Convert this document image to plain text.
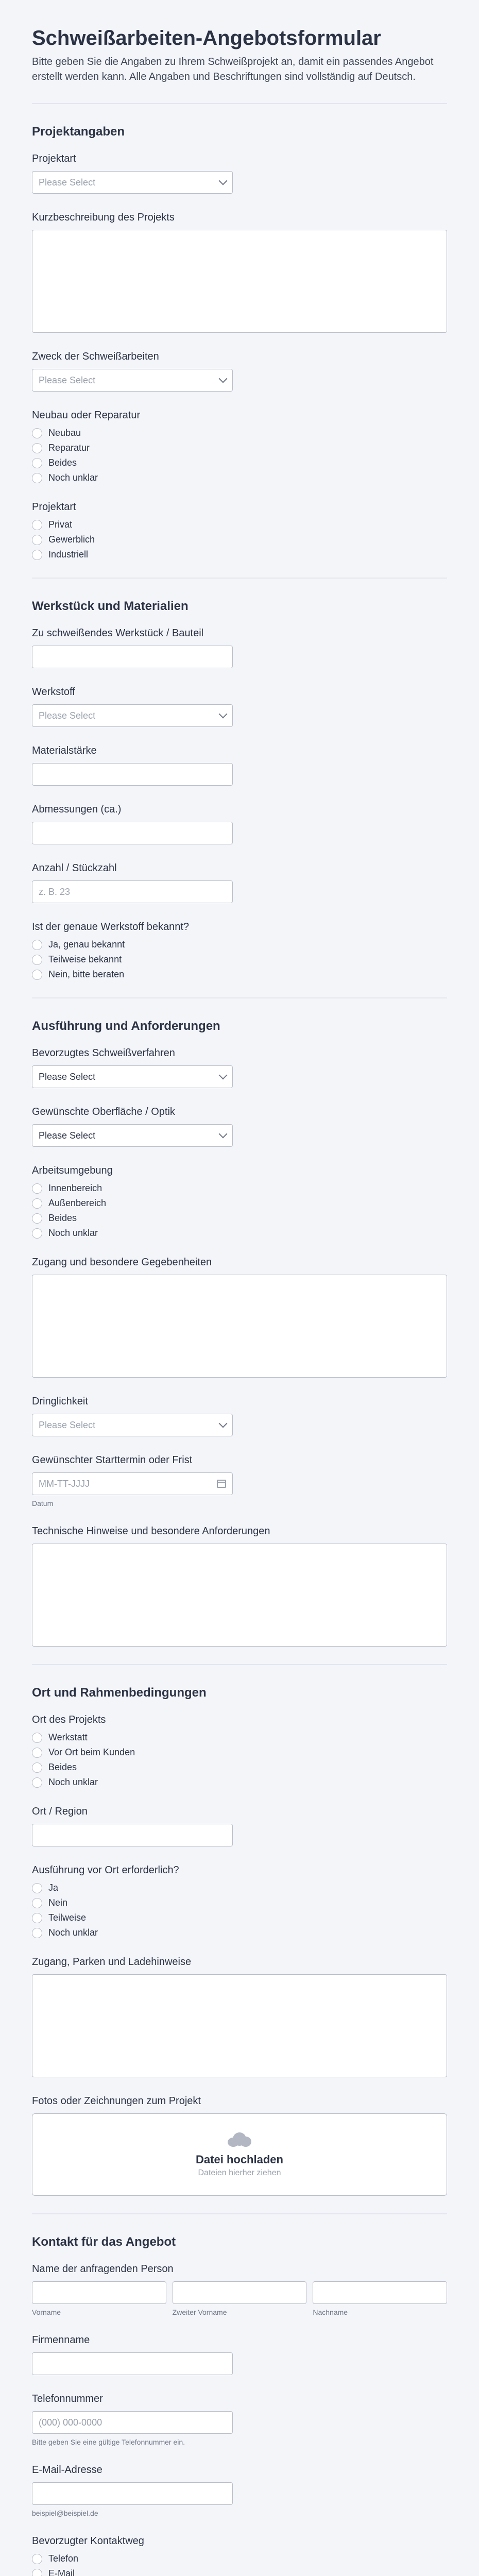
Schweißarbeiten-Angebotsformular

Bitte geben Sie die Angaben zu Ihrem Schweißprojekt an, damit ein passendes Angebot erstellt werden kann. Alle Angaben und Beschriftungen sind vollständig auf Deutsch.

Projektangaben
Projektart
Please Select
Kurzbeschreibung des Projekts
Zweck der Schweißarbeiten
Please Select
Neubau oder Reparatur
Neubau
Reparatur
Beides
Noch unklar
Projektart
Privat
Gewerblich
Industriell
Werkstück und Materialien
Zu schweißendes Werkstück / Bauteil
Werkstoff
Please Select
Materialstärke
Abmessungen (ca.)
Anzahl / Stückzahl
z. B. 23
Ist der genaue Werkstoff bekannt?
Ja, genau bekannt
Teilweise bekannt
Nein, bitte beraten
Ausführung und Anforderungen
Bevorzugtes Schweißverfahren
Please Select
Gewünschte Oberfläche / Optik
Please Select
Arbeitsumgebung
Innenbereich
Außenbereich
Beides
Noch unklar
Zugang und besondere Gegebenheiten
Dringlichkeit
Please Select
Gewünschter Starttermin oder Frist
MM-TT-JJJJ
Datum
Technische Hinweise und besondere Anforderungen
Ort und Rahmenbedingungen
Ort des Projekts
Werkstatt
Vor Ort beim Kunden
Beides
Noch unklar
Ort / Region
Ausführung vor Ort erforderlich?
Ja
Nein
Teilweise
Noch unklar
Zugang, Parken und Ladehinweise
Fotos oder Zeichnungen zum Projekt
Datei hochladen
Dateien hierher ziehen
Kontakt für das Angebot
Name der anfragenden Person
Vorname	Zweiter Vorname	Nachname
Firmenname
Telefonnummer
(000) 000-0000
Bitte geben Sie eine gültige Telefonnummer ein.
E-Mail-Adresse
beispiel@beispiel.de
Bevorzugter Kontaktweg
Telefon
E-Mail
